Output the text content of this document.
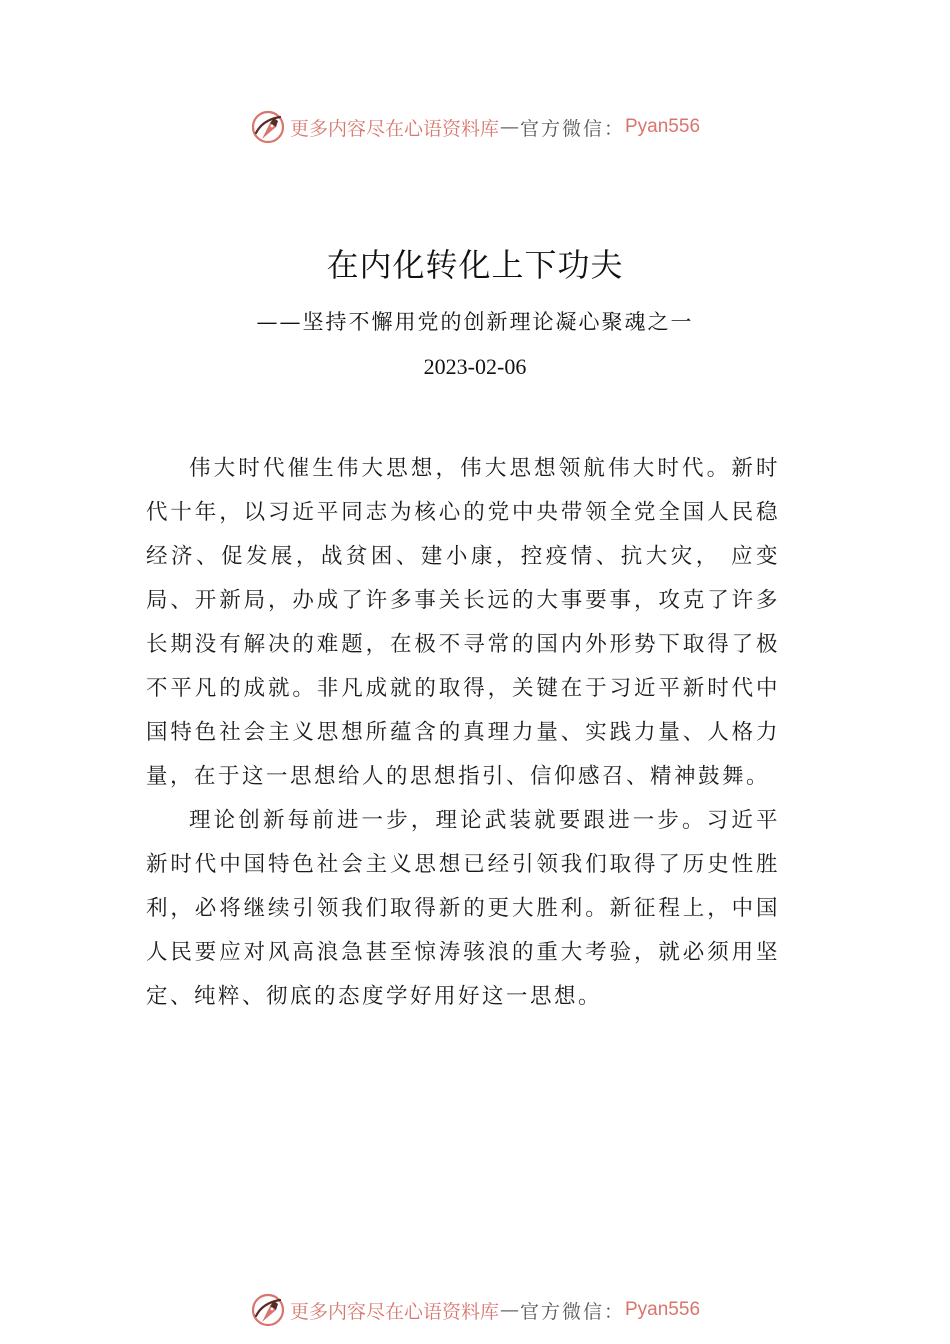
更多内容尽在心语资料库 — 官方微信： Pyan556
在内化转化上下功夫
——坚持不懈用党的创新理论凝心聚魂之一
2023-02-06

伟大时代催生伟大思想，伟大思想领航伟大时代。新时代十年，以习近平同志为核心的党中央带领全党全国人民稳经济、促发展，战贫困、建小康，控疫情、抗大灾， 应变局、开新局，办成了许多事关长远的大事要事，攻克了许多长期没有解决的难题，在极不寻常的国内外形势下取得了极不平凡的成就。非凡成就的取得，关键在于习近平新时代中国特色社会主义思想所蕴含的真理力量、实践力量、人格力量，在于这一思想给人的思想指引、信仰感召、精神鼓舞。

理论创新每前进一步，理论武装就要跟进一步。习近平新时代中国特色社会主义思想已经引领我们取得了历史性胜利，必将继续引领我们取得新的更大胜利。新征程上，中国人民要应对风高浪急甚至惊涛骇浪的重大考验，就必须用坚定、纯粹、彻底的态度学好用好这一思想。

更多内容尽在心语资料库 — 官方微信： Pyan556
